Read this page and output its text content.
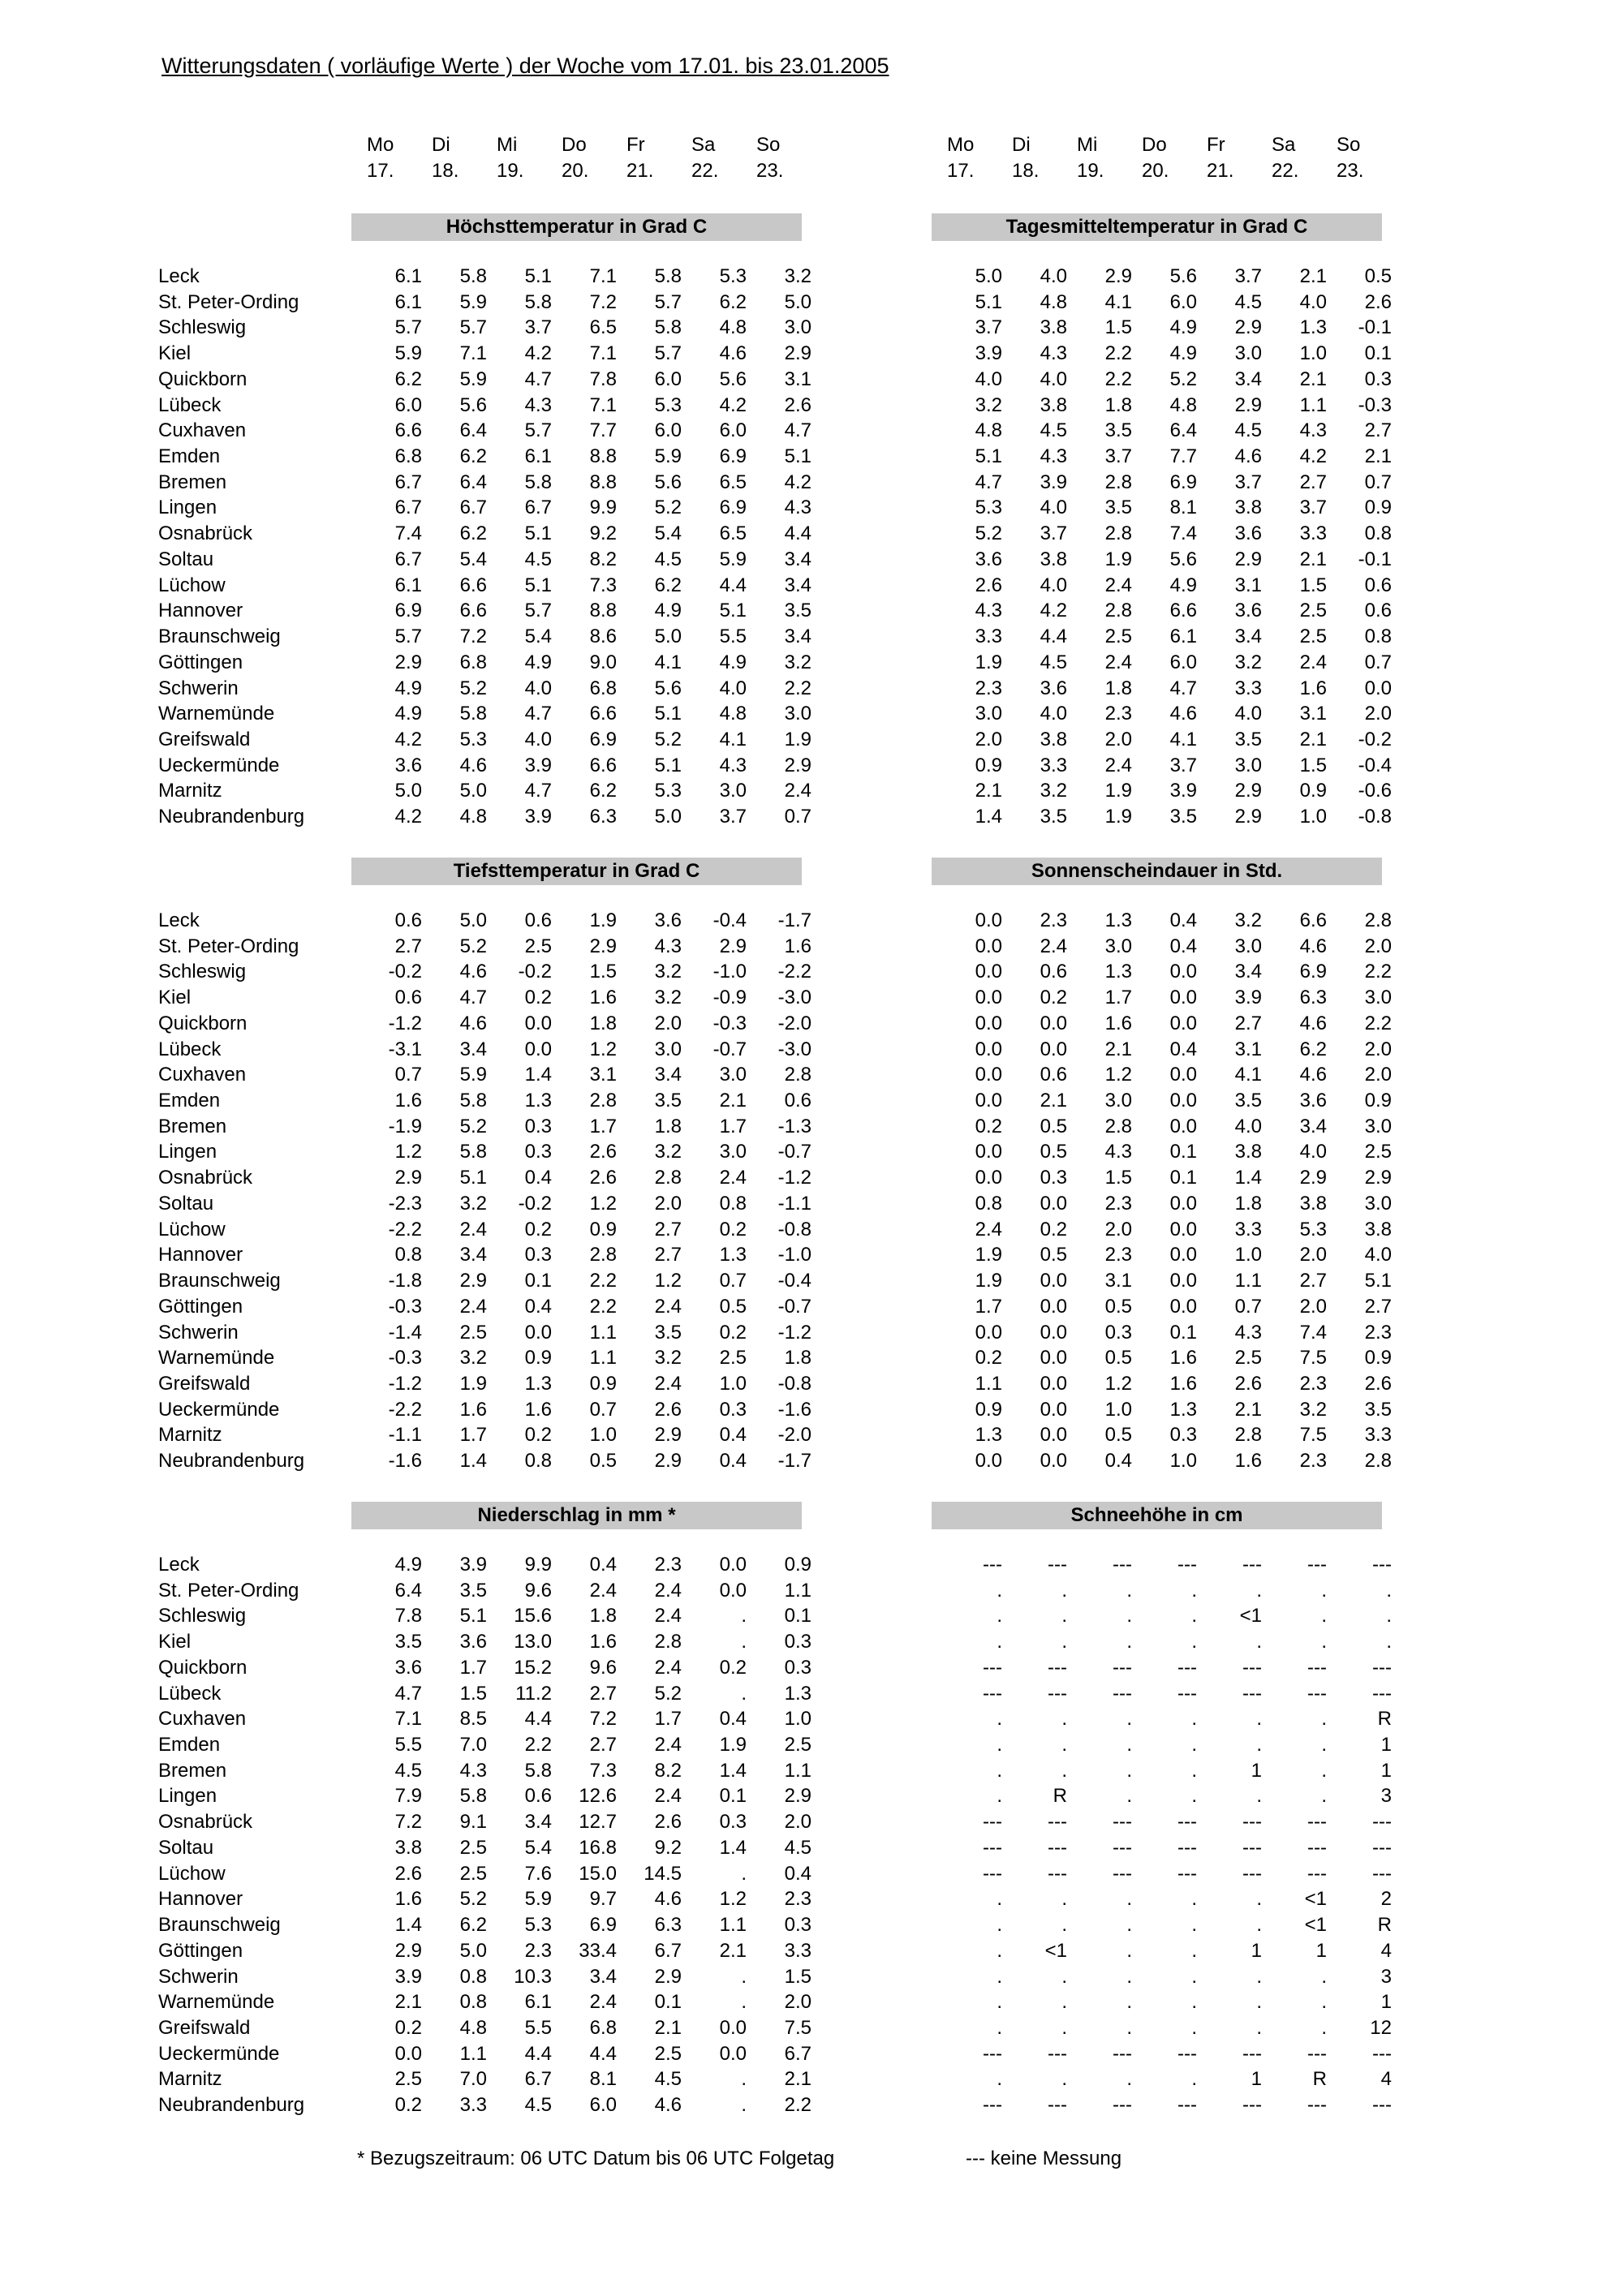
Witterungsdaten ( vorläufige Werte ) der Woche vom 17.01. bis 23.01.2005
Mo Di Mi Do Fr Sa So
17. 18. 19. 20. 21. 22. 23.
Höchsttemperatur in Grad C
Leck	6.1	5.8	5.1	7.1	5.8	5.3	3.2
St. Peter-Ording	6.1	5.9	5.8	7.2	5.7	6.2	5.0
Schleswig	5.7	5.7	3.7	6.5	5.8	4.8	3.0
Kiel	5.9	7.1	4.2	7.1	5.7	4.6	2.9
Quickborn	6.2	5.9	4.7	7.8	6.0	5.6	3.1
Lübeck	6.0	5.6	4.3	7.1	5.3	4.2	2.6
Cuxhaven	6.6	6.4	5.7	7.7	6.0	6.0	4.7
Emden	6.8	6.2	6.1	8.8	5.9	6.9	5.1
Bremen	6.7	6.4	5.8	8.8	5.6	6.5	4.2
Lingen	6.7	6.7	6.7	9.9	5.2	6.9	4.3
Osnabrück	7.4	6.2	5.1	9.2	5.4	6.5	4.4
Soltau	6.7	5.4	4.5	8.2	4.5	5.9	3.4
Lüchow	6.1	6.6	5.1	7.3	6.2	4.4	3.4
Hannover	6.9	6.6	5.7	8.8	4.9	5.1	3.5
Braunschweig	5.7	7.2	5.4	8.6	5.0	5.5	3.4
Göttingen	2.9	6.8	4.9	9.0	4.1	4.9	3.2
Schwerin	4.9	5.2	4.0	6.8	5.6	4.0	2.2
Warnemünde	4.9	5.8	4.7	6.6	5.1	4.8	3.0
Greifswald	4.2	5.3	4.0	6.9	5.2	4.1	1.9
Ueckermünde	3.6	4.6	3.9	6.6	5.1	4.3	2.9
Marnitz	5.0	5.0	4.7	6.2	5.3	3.0	2.4
Neubrandenburg	4.2	4.8	3.9	6.3	5.0	3.7	0.7
Tiefsttemperatur in Grad C
Leck	0.6	5.0	0.6	1.9	3.6	-0.4	-1.7
St. Peter-Ording	2.7	5.2	2.5	2.9	4.3	2.9	1.6
Schleswig	-0.2	4.6	-0.2	1.5	3.2	-1.0	-2.2
Kiel	0.6	4.7	0.2	1.6	3.2	-0.9	-3.0
Quickborn	-1.2	4.6	0.0	1.8	2.0	-0.3	-2.0
Lübeck	-3.1	3.4	0.0	1.2	3.0	-0.7	-3.0
Cuxhaven	0.7	5.9	1.4	3.1	3.4	3.0	2.8
Emden	1.6	5.8	1.3	2.8	3.5	2.1	0.6
Bremen	-1.9	5.2	0.3	1.7	1.8	1.7	-1.3
Lingen	1.2	5.8	0.3	2.6	3.2	3.0	-0.7
Osnabrück	2.9	5.1	0.4	2.6	2.8	2.4	-1.2
Soltau	-2.3	3.2	-0.2	1.2	2.0	0.8	-1.1
Lüchow	-2.2	2.4	0.2	0.9	2.7	0.2	-0.8
Hannover	0.8	3.4	0.3	2.8	2.7	1.3	-1.0
Braunschweig	-1.8	2.9	0.1	2.2	1.2	0.7	-0.4
Göttingen	-0.3	2.4	0.4	2.2	2.4	0.5	-0.7
Schwerin	-1.4	2.5	0.0	1.1	3.5	0.2	-1.2
Warnemünde	-0.3	3.2	0.9	1.1	3.2	2.5	1.8
Greifswald	-1.2	1.9	1.3	0.9	2.4	1.0	-0.8
Ueckermünde	-2.2	1.6	1.6	0.7	2.6	0.3	-1.6
Marnitz	-1.1	1.7	0.2	1.0	2.9	0.4	-2.0
Neubrandenburg	-1.6	1.4	0.8	0.5	2.9	0.4	-1.7
Niederschlag in mm *
Leck	4.9	3.9	9.9	0.4	2.3	0.0	0.9
St. Peter-Ording	6.4	3.5	9.6	2.4	2.4	0.0	1.1
Schleswig	7.8	5.1	15.6	1.8	2.4	.	0.1
Kiel	3.5	3.6	13.0	1.6	2.8	.	0.3
Quickborn	3.6	1.7	15.2	9.6	2.4	0.2	0.3
Lübeck	4.7	1.5	11.2	2.7	5.2	.	1.3
Cuxhaven	7.1	8.5	4.4	7.2	1.7	0.4	1.0
Emden	5.5	7.0	2.2	2.7	2.4	1.9	2.5
Bremen	4.5	4.3	5.8	7.3	8.2	1.4	1.1
Lingen	7.9	5.8	0.6	12.6	2.4	0.1	2.9
Osnabrück	7.2	9.1	3.4	12.7	2.6	0.3	2.0
Soltau	3.8	2.5	5.4	16.8	9.2	1.4	4.5
Lüchow	2.6	2.5	7.6	15.0	14.5	.	0.4
Hannover	1.6	5.2	5.9	9.7	4.6	1.2	2.3
Braunschweig	1.4	6.2	5.3	6.9	6.3	1.1	0.3
Göttingen	2.9	5.0	2.3	33.4	6.7	2.1	3.3
Schwerin	3.9	0.8	10.3	3.4	2.9	.	1.5
Warnemünde	2.1	0.8	6.1	2.4	0.1	.	2.0
Greifswald	0.2	4.8	5.5	6.8	2.1	0.0	7.5
Ueckermünde	0.0	1.1	4.4	4.4	2.5	0.0	6.7
Marnitz	2.5	7.0	6.7	8.1	4.5	.	2.1
Neubrandenburg	0.2	3.3	4.5	6.0	4.6	.	2.2
Mo Di Mi Do Fr Sa So
17. 18. 19. 20. 21. 22. 23.
Tagesmitteltemperatur in Grad C
5.0	4.0	2.9	5.6	3.7	2.1	0.5
5.1	4.8	4.1	6.0	4.5	4.0	2.6
3.7	3.8	1.5	4.9	2.9	1.3	-0.1
3.9	4.3	2.2	4.9	3.0	1.0	0.1
4.0	4.0	2.2	5.2	3.4	2.1	0.3
3.2	3.8	1.8	4.8	2.9	1.1	-0.3
4.8	4.5	3.5	6.4	4.5	4.3	2.7
5.1	4.3	3.7	7.7	4.6	4.2	2.1
4.7	3.9	2.8	6.9	3.7	2.7	0.7
5.3	4.0	3.5	8.1	3.8	3.7	0.9
5.2	3.7	2.8	7.4	3.6	3.3	0.8
3.6	3.8	1.9	5.6	2.9	2.1	-0.1
2.6	4.0	2.4	4.9	3.1	1.5	0.6
4.3	4.2	2.8	6.6	3.6	2.5	0.6
3.3	4.4	2.5	6.1	3.4	2.5	0.8
1.9	4.5	2.4	6.0	3.2	2.4	0.7
2.3	3.6	1.8	4.7	3.3	1.6	0.0
3.0	4.0	2.3	4.6	4.0	3.1	2.0
2.0	3.8	2.0	4.1	3.5	2.1	-0.2
0.9	3.3	2.4	3.7	3.0	1.5	-0.4
2.1	3.2	1.9	3.9	2.9	0.9	-0.6
1.4	3.5	1.9	3.5	2.9	1.0	-0.8
Sonnenscheindauer in Std.
0.0	2.3	1.3	0.4	3.2	6.6	2.8
0.0	2.4	3.0	0.4	3.0	4.6	2.0
0.0	0.6	1.3	0.0	3.4	6.9	2.2
0.0	0.2	1.7	0.0	3.9	6.3	3.0
0.0	0.0	1.6	0.0	2.7	4.6	2.2
0.0	0.0	2.1	0.4	3.1	6.2	2.0
0.0	0.6	1.2	0.0	4.1	4.6	2.0
0.0	2.1	3.0	0.0	3.5	3.6	0.9
0.2	0.5	2.8	0.0	4.0	3.4	3.0
0.0	0.5	4.3	0.1	3.8	4.0	2.5
0.0	0.3	1.5	0.1	1.4	2.9	2.9
0.8	0.0	2.3	0.0	1.8	3.8	3.0
2.4	0.2	2.0	0.0	3.3	5.3	3.8
1.9	0.5	2.3	0.0	1.0	2.0	4.0
1.9	0.0	3.1	0.0	1.1	2.7	5.1
1.7	0.0	0.5	0.0	0.7	2.0	2.7
0.0	0.0	0.3	0.1	4.3	7.4	2.3
0.2	0.0	0.5	1.6	2.5	7.5	0.9
1.1	0.0	1.2	1.6	2.6	2.3	2.6
0.9	0.0	1.0	1.3	2.1	3.2	3.5
1.3	0.0	0.5	0.3	2.8	7.5	3.3
0.0	0.0	0.4	1.0	1.6	2.3	2.8
Schneehöhe in cm
---	---	---	---	---	---	---
.	.	.	.	.	.	.
.	.	.	.	<1	.	.
.	.	.	.	.	.	.
---	---	---	---	---	---	---
---	---	---	---	---	---	---
.	.	.	.	.	.	R
.	.	.	.	.	.	1
.	.	.	.	1	.	1
.	R	.	.	.	.	3
---	---	---	---	---	---	---
---	---	---	---	---	---	---
---	---	---	---	---	---	---
.	.	.	.	.	<1	2
.	.	.	.	.	<1	R
.	<1	.	.	1	1	4
.	.	.	.	.	.	3
.	.	.	.	.	.	1
.	.	.	.	.	.	12
---	---	---	---	---	---	---
.	.	.	.	1	R	4
---	---	---	---	---	---	---
* Bezugszeitraum: 06 UTC Datum bis 06 UTC Folgetag	--- keine Messung
